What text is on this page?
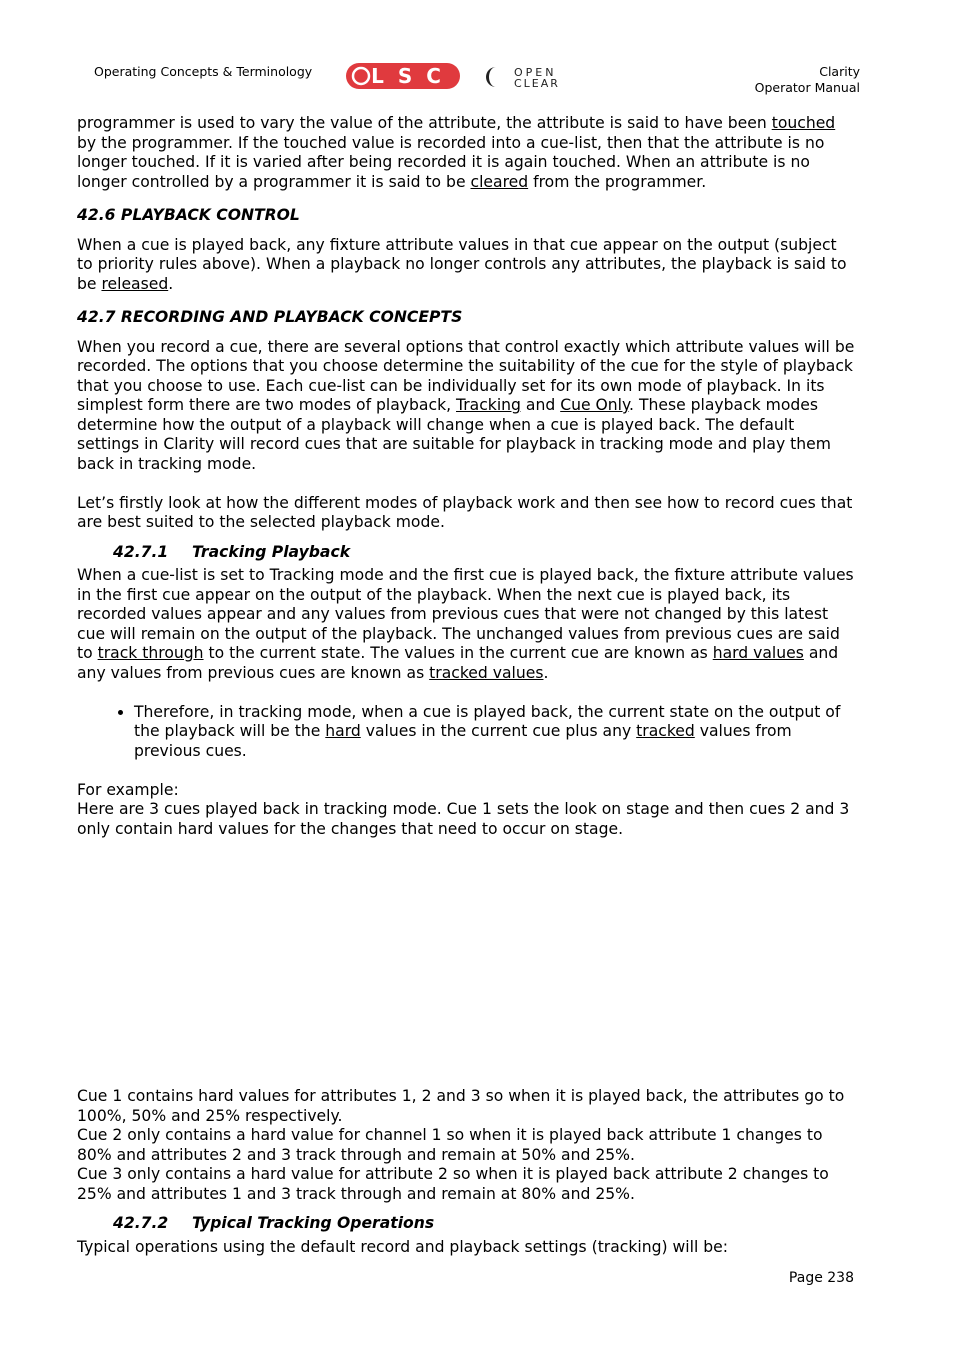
Operating Concepts & Terminology	LSC	OPEN
CLEAR
Clarity
Operator Manual

programmer is used to vary the value of the attribute, the attribute is said to have been touched by the programmer. If the touched value is recorded into a cue-list, then that the attribute is no longer touched. If it is varied after being recorded it is again touched. When an attribute is no longer controlled by a programmer it is said to be cleared from the programmer.

42.6 PLAYBACK CONTROL

When a cue is played back, any fixture attribute values in that cue appear on the output (subject to priority rules above). When a playback no longer controls any attributes, the playback is said to be released.

42.7 RECORDING AND PLAYBACK CONCEPTS

When you record a cue, there are several options that control exactly which attribute values will be recorded. The options that you choose determine the suitability of the cue for the style of playback that you choose to use. Each cue-list can be individually set for its own mode of playback. In its simplest form there are two modes of playback, Tracking and Cue Only. These playback modes determine how the output of a playback will change when a cue is played back. The default settings in Clarity will record cues that are suitable for playback in tracking mode and play them back in tracking mode.

Let’s firstly look at how the different modes of playback work and then see how to record cues that are best suited to the selected playback mode.

42.7.1 Tracking Playback

When a cue-list is set to Tracking mode and the first cue is played back, the fixture attribute values in the first cue appear on the output of the playback. When the next cue is played back, its recorded values appear and any values from previous cues that were not changed by this latest cue will remain on the output of the playback. The unchanged values from previous cues are said to track through to the current state. The values in the current cue are known as hard values and any values from previous cues are known as tracked values.

• Therefore, in tracking mode, when a cue is played back, the current state on the output of the playback will be the hard values in the current cue plus any tracked values from previous cues.

For example:

Here are 3 cues played back in tracking mode. Cue 1 sets the look on stage and then cues 2 and 3 only contain hard values for the changes that need to occur on stage.

Cue 1 contains hard values for attributes 1, 2 and 3 so when it is played back, the attributes go to 100%, 50% and 25% respectively.

Cue 2 only contains a hard value for channel 1 so when it is played back attribute 1 changes to 80% and attributes 2 and 3 track through and remain at 50% and 25%.

Cue 3 only contains a hard value for attribute 2 so when it is played back attribute 2 changes to 25% and attributes 1 and 3 track through and remain at 80% and 25%.

42.7.2 Typical Tracking Operations

Typical operations using the default record and playback settings (tracking) will be:

Page 238
